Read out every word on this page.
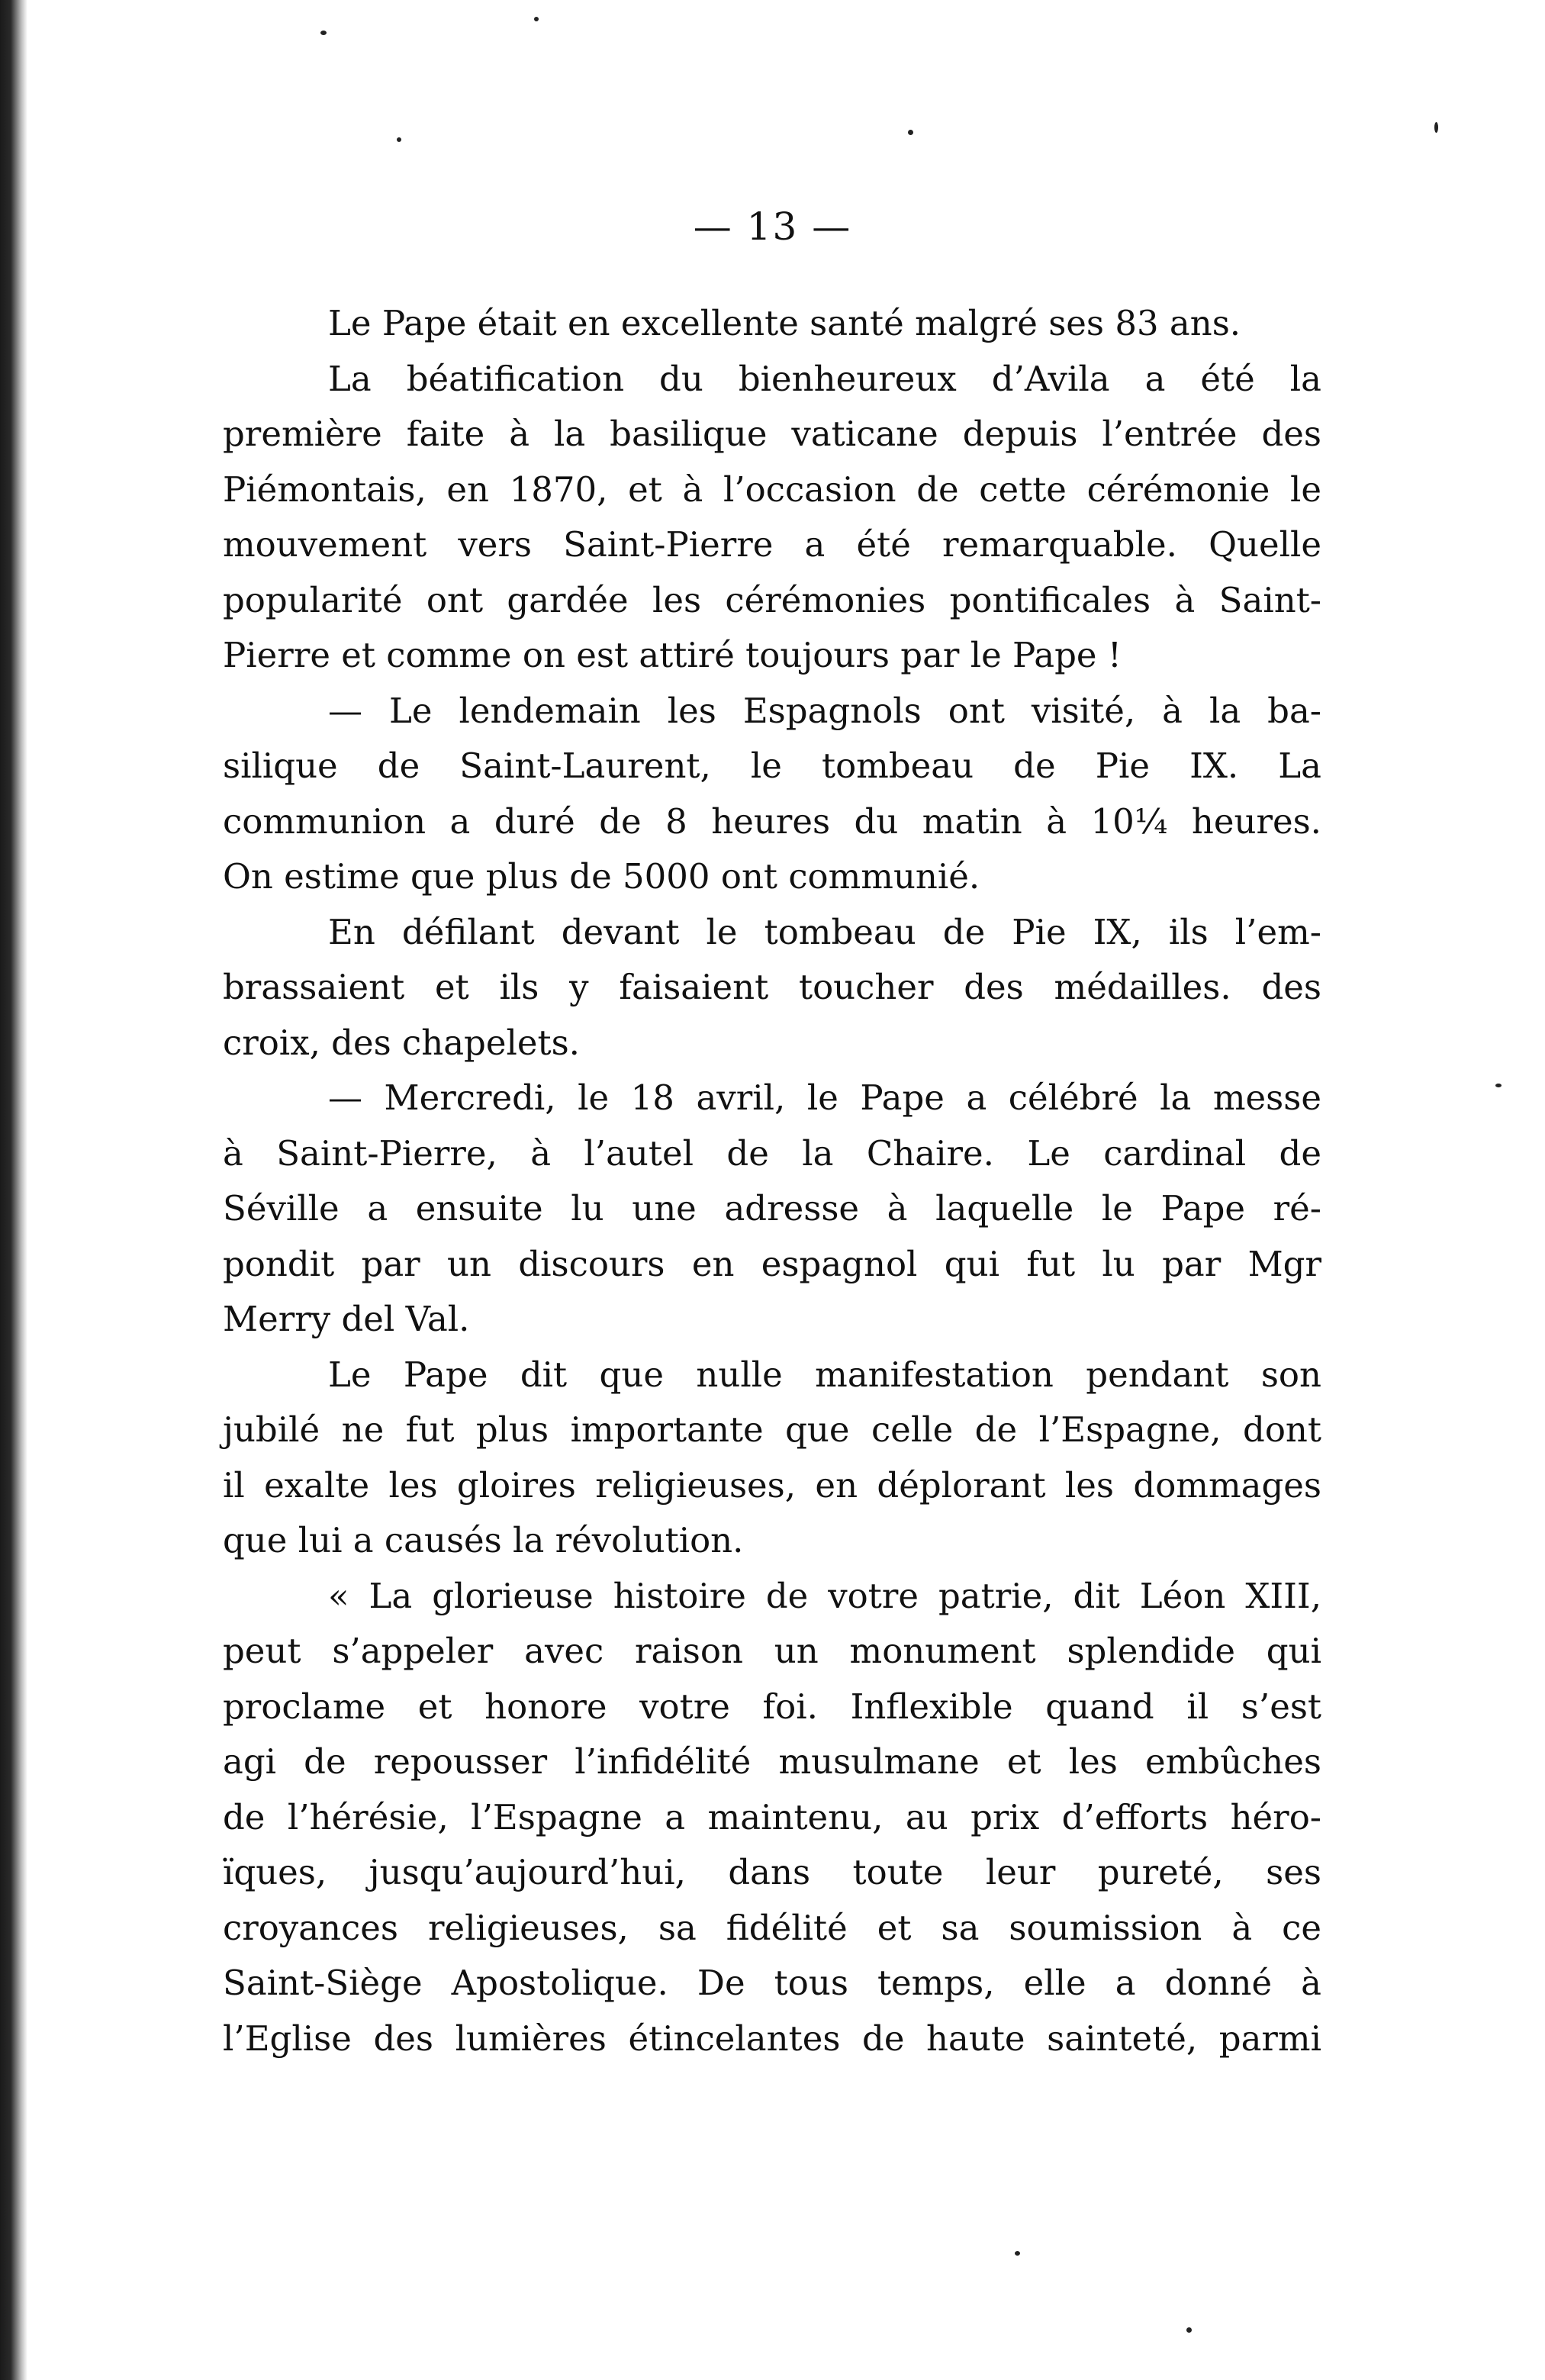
— 13 —
Le Pape était en excellente santé malgré ses 83 ans.
La béatification du bienheureux d’Avila a été la
première faite à la basilique vaticane depuis l’entrée des
Piémontais, en 1870, et à l’occasion de cette cérémonie le
mouvement vers Saint-Pierre a été remarquable. Quelle
popularité ont gardée les cérémonies pontificales à Saint-
Pierre et comme on est attiré toujours par le Pape !
— Le lendemain les Espagnols ont visité, à la ba-
silique de Saint-Laurent, le tombeau de Pie IX. La
communion a duré de 8 heures du matin à 10¼ heures.
On estime que plus de 5000 ont communié.
En défilant devant le tombeau de Pie IX, ils l’em-
brassaient et ils y faisaient toucher des médailles. des
croix, des chapelets.
— Mercredi, le 18 avril, le Pape a célébré la messe
à Saint-Pierre, à l’autel de la Chaire. Le cardinal de
Séville a ensuite lu une adresse à laquelle le Pape ré-
pondit par un discours en espagnol qui fut lu par Mgr
Merry del Val.
Le Pape dit que nulle manifestation pendant son
jubilé ne fut plus importante que celle de l’Espagne, dont
il exalte les gloires religieuses, en déplorant les dommages
que lui a causés la révolution.
« La glorieuse histoire de votre patrie, dit Léon XIII,
peut s’appeler avec raison un monument splendide qui
proclame et honore votre foi. Inflexible quand il s’est
agi de repousser l’infidélité musulmane et les embûches
de l’hérésie, l’Espagne a maintenu, au prix d’efforts héro-
ïques, jusqu’aujourd’hui, dans toute leur pureté, ses
croyances religieuses, sa fidélité et sa soumission à ce
Saint-Siège Apostolique. De tous temps, elle a donné à
l’Eglise des lumières étincelantes de haute sainteté, parmi
